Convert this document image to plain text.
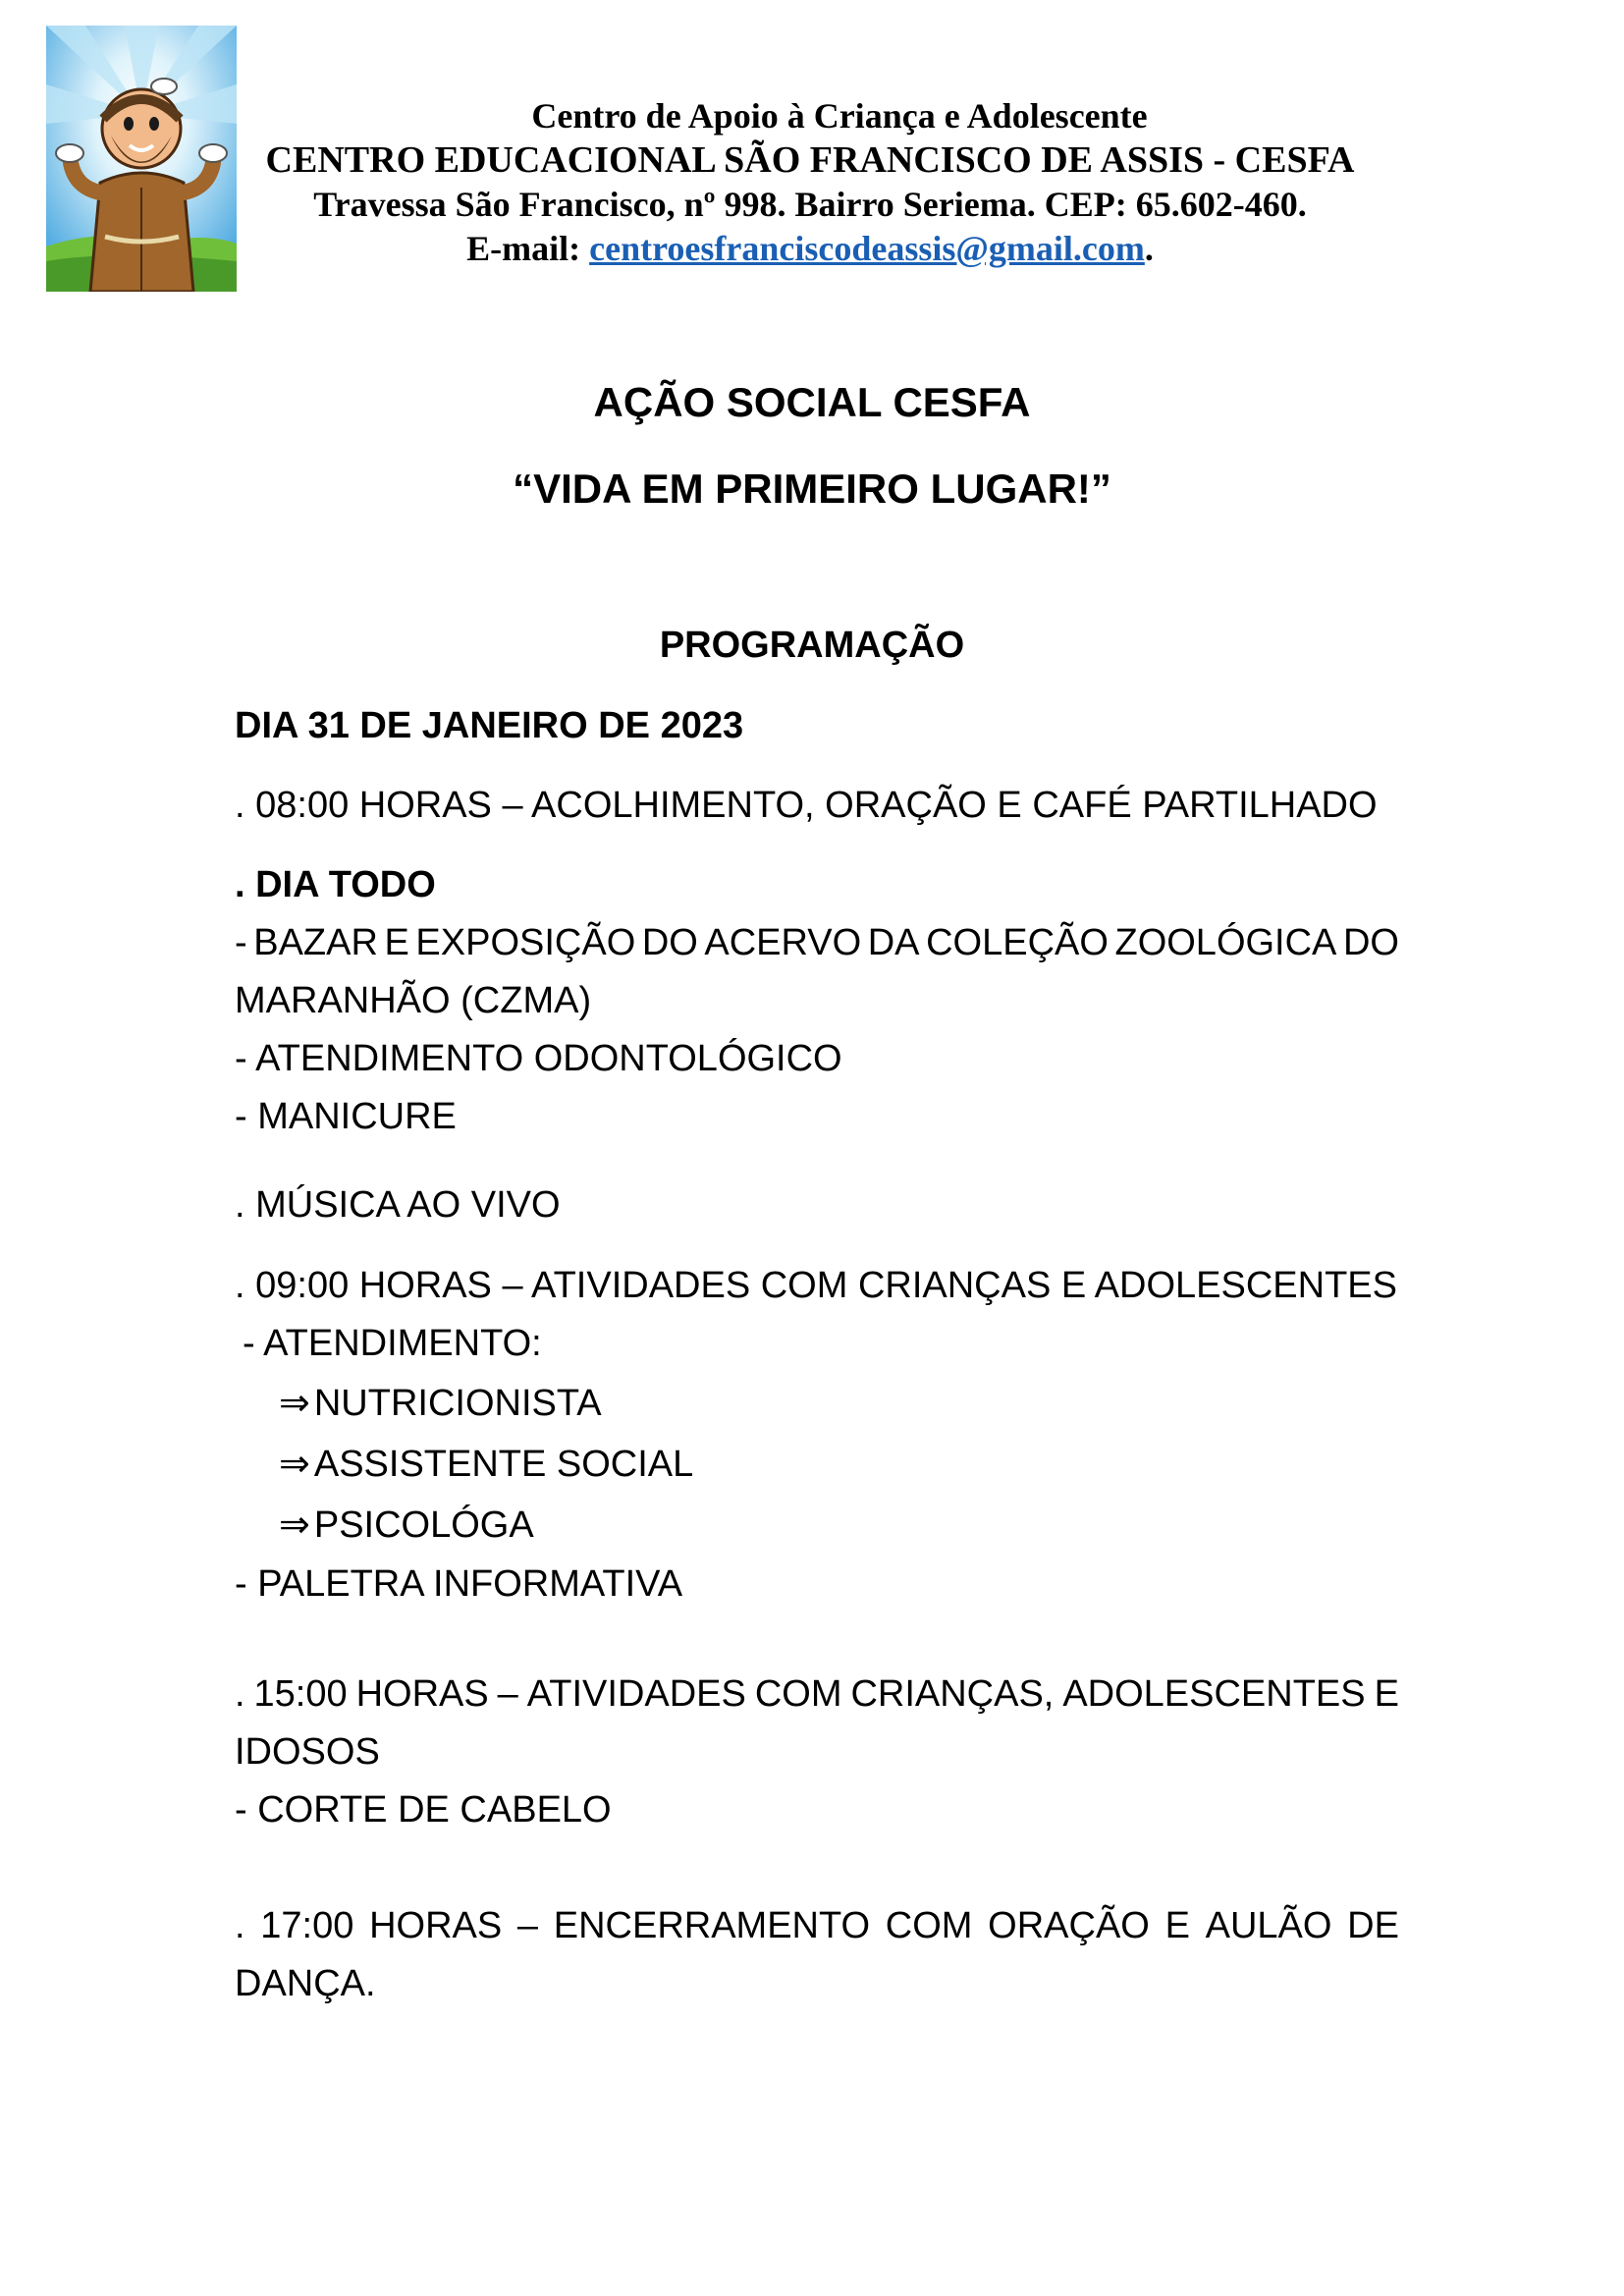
Centro de Apoio à Criança e Adolescente
CENTRO EDUCACIONAL SÃO FRANCISCO DE ASSIS - CESFA
Travessa São Francisco, nº 998. Bairro Seriema. CEP: 65.602-460.
E-mail: centroesfranciscodeassis@gmail.com.
AÇÃO SOCIAL CESFA
“VIDA EM PRIMEIRO LUGAR!”
PROGRAMAÇÃO
DIA 31 DE JANEIRO DE 2023
. 08:00 HORAS – ACOLHIMENTO, ORAÇÃO E CAFÉ PARTILHADO
. DIA TODO
- BAZAR E EXPOSIÇÃO DO ACERVO DA COLEÇÃO ZOOLÓGICA DO
MARANHÃO (CZMA)
- ATENDIMENTO ODONTOLÓGICO
- MANICURE
. MÚSICA AO VIVO
. 09:00 HORAS – ATIVIDADES COM CRIANÇAS E ADOLESCENTES
- ATENDIMENTO:
⇒ NUTRICIONISTA
⇒ ASSISTENTE SOCIAL
⇒ PSICOLÓGA
- PALETRA INFORMATIVA
. 15:00 HORAS – ATIVIDADES COM CRIANÇAS, ADOLESCENTES E
IDOSOS
- CORTE DE CABELO
. 17:00 HORAS – ENCERRAMENTO COM ORAÇÃO E AULÃO DE
DANÇA.
